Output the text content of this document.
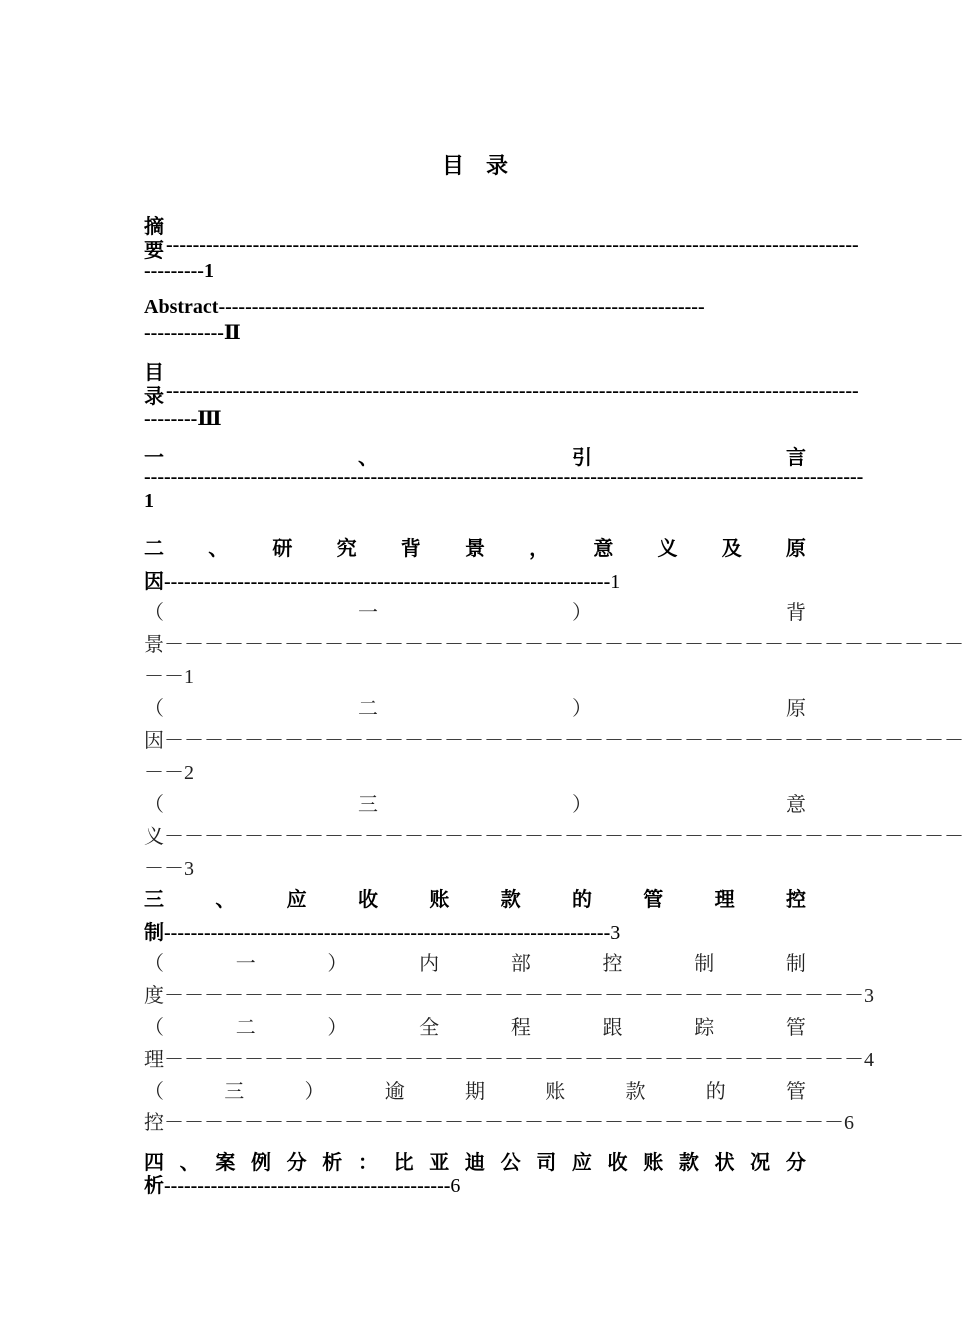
目录
摘
要 --------------------------------------------------------------------------------------------------------
---------1
Abstract-------------------------------------------------------------------------
------------Ⅱ
目
录 --------------------------------------------------------------------------------------------------------
--------Ⅲ
一	、	引	言
------------------------------------------------------------------------------------------------------------
1
二 、 研 究 背 景 ， 意 义 及 原
因-------------------------------------------------------------------1
（	一	）	背
景－－－－－－－－－－－－－－－－－－－－－－－－－－－－－－－－－－－－－－－－
－－1
（	二	）	原
因－－－－－－－－－－－－－－－－－－－－－－－－－－－－－－－－－－－－－－－－
－－2
（	三	）	意
义－－－－－－－－－－－－－－－－－－－－－－－－－－－－－－－－－－－－－－－－
－－3
三	、	应	收	账	款	的	管	理	控
制-------------------------------------------------------------------3
（	一	）	内	部	控	制	制
度－－－－－－－－－－－－－－－－－－－－－－－－－－－－－－－－－－－3
（	二	）	全	程	跟	踪	管
理－－－－－－－－－－－－－－－－－－－－－－－－－－－－－－－－－－－4
（	三	）	逾	期	账	款	的	管
控－－－－－－－－－－－－－－－－－－－－－－－－－－－－－－－－－－6
四 、 案 例 分 析 ： 比 亚 迪 公 司 应 收 账 款 状 况 分
析-------------------------------------------6
